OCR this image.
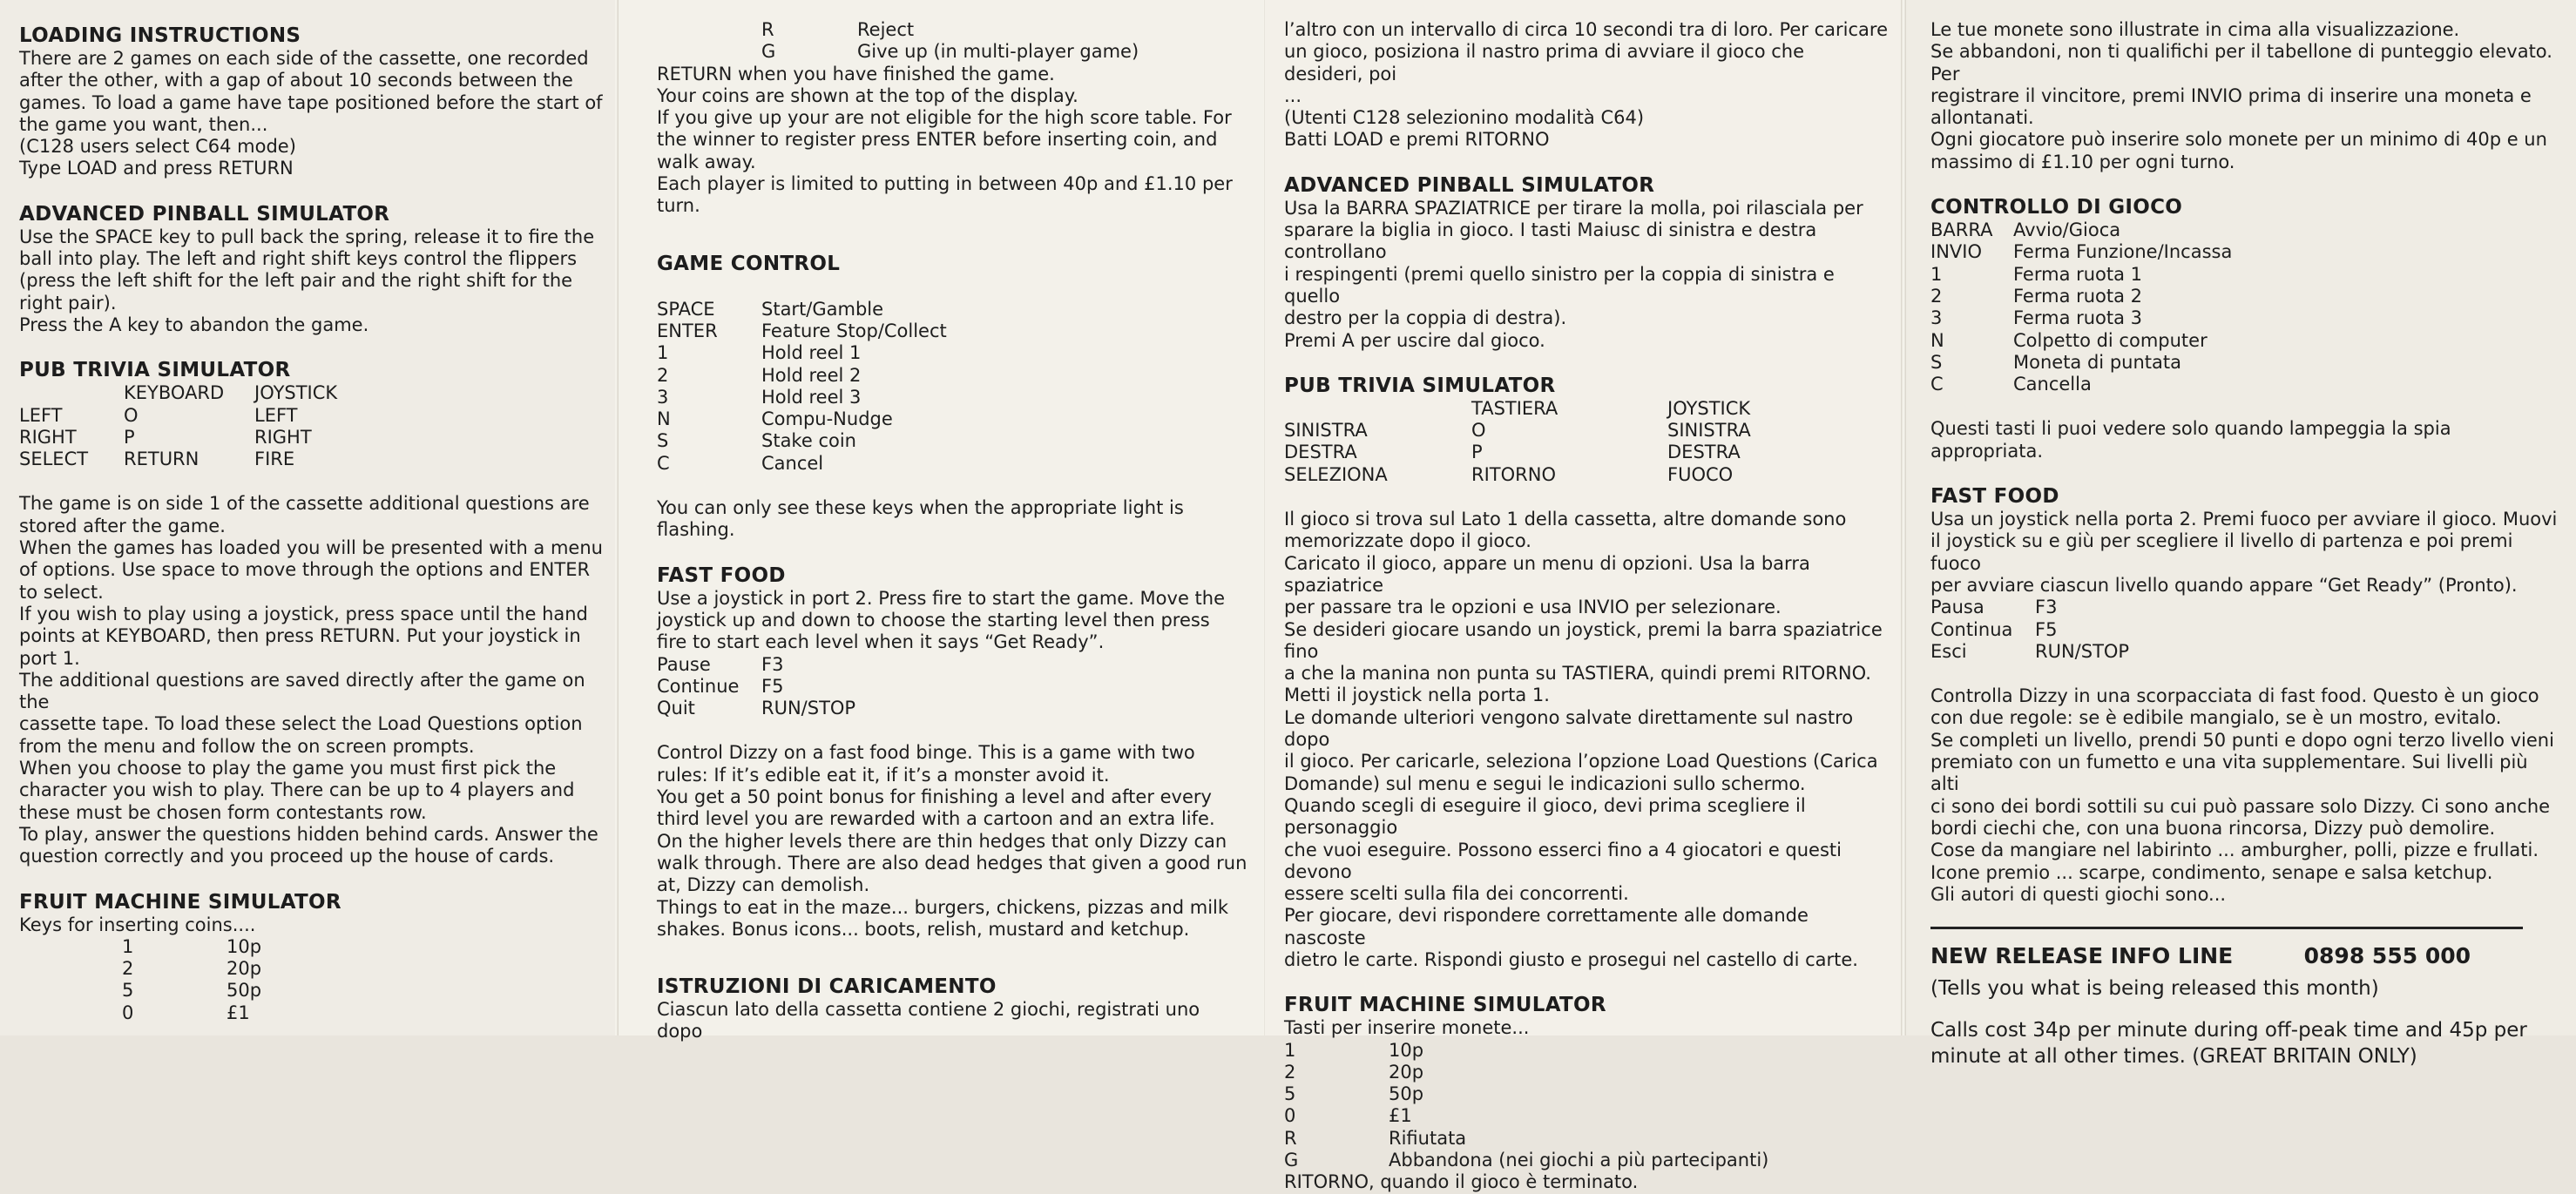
LOADING INSTRUCTIONS
There are 2 games on each side of the cassette, one recorded
after the other, with a gap of about 10 seconds between the
games. To load a game have tape positioned before the start of
the game you want, then...
(C128 users select C64 mode)
Type LOAD and press RETURN
ADVANCED PINBALL SIMULATOR
Use the SPACE key to pull back the spring, release it to fire the
ball into play. The left and right shift keys control the flippers
(press the left shift for the left pair and the right shift for the
right pair).
Press the A key to abandon the game.
PUB TRIVIA SIMULATOR
	KEYBOARD	JOYSTICK
LEFT	O	LEFT
RIGHT	P	RIGHT
SELECT	RETURN	FIRE
The game is on side 1 of the cassette additional questions are
stored after the game.
When the games has loaded you will be presented with a menu
of options. Use space to move through the options and ENTER
to select.
If you wish to play using a joystick, press space until the hand
points at KEYBOARD, then press RETURN. Put your joystick in
port 1.
The additional questions are saved directly after the game on the
cassette tape. To load these select the Load Questions option
from the menu and follow the on screen prompts.
When you choose to play the game you must first pick the
character you wish to play. There can be up to 4 players and
these must be chosen form contestants row.
To play, answer the questions hidden behind cards. Answer the
question correctly and you proceed up the house of cards.
FRUIT MACHINE SIMULATOR

Keys for inserting coins....

1	10p
2	20p
5	50p
0	£1
R	Reject
G	Give up (in multi-player game)
RETURN when you have finished the game.
Your coins are shown at the top of the display.
If you give up your are not eligible for the high score table. For
the winner to register press ENTER before inserting coin, and
walk away.
Each player is limited to putting in between 40p and £1.10 per
turn.
GAME CONTROL
SPACE	Start/Gamble
ENTER	Feature Stop/Collect
1	Hold reel 1
2	Hold reel 2
3	Hold reel 3
N	Compu-Nudge
S	Stake coin
C	Cancel
You can only see these keys when the appropriate light is
flashing.
FAST FOOD
Use a joystick in port 2. Press fire to start the game. Move the
joystick up and down to choose the starting level then press
fire to start each level when it says “Get Ready”.
Pause	F3
Continue	F5
Quit	RUN/STOP
Control Dizzy on a fast food binge. This is a game with two
rules: If it’s edible eat it, if it’s a monster avoid it.
You get a 50 point bonus for finishing a level and after every
third level you are rewarded with a cartoon and an extra life.
On the higher levels there are thin hedges that only Dizzy can
walk through. There are also dead hedges that given a good run
at, Dizzy can demolish.
Things to eat in the maze... burgers, chickens, pizzas and milk
shakes. Bonus icons... boots, relish, mustard and ketchup.
ISTRUZIONI DI CARICAMENTO
Ciascun lato della cassetta contiene 2 giochi, registrati uno dopo
l’altro con un intervallo di circa 10 secondi tra di loro. Per caricare
un gioco, posiziona il nastro prima di avviare il gioco che desideri, poi
...
(Utenti C128 selezionino modalità C64)
Batti LOAD e premi RITORNO
ADVANCED PINBALL SIMULATOR
Usa la BARRA SPAZIATRICE per tirare la molla, poi rilasciala per
sparare la biglia in gioco. I tasti Maiusc di sinistra e destra controllano
i respingenti (premi quello sinistro per la coppia di sinistra e quello
destro per la coppia di destra).
Premi A per uscire dal gioco.
PUB TRIVIA SIMULATOR
	TASTIERA	JOYSTICK
SINISTRA	O	SINISTRA
DESTRA	P	DESTRA
SELEZIONA	RITORNO	FUOCO
Il gioco si trova sul Lato 1 della cassetta, altre domande sono
memorizzate dopo il gioco.
Caricato il gioco, appare un menu di opzioni. Usa la barra spaziatrice
per passare tra le opzioni e usa INVIO per selezionare.
Se desideri giocare usando un joystick, premi la barra spaziatrice fino
a che la manina non punta su TASTIERA, quindi premi RITORNO.
Metti il joystick nella porta 1.
Le domande ulteriori vengono salvate direttamente sul nastro dopo
il gioco. Per caricarle, seleziona l’opzione Load Questions (Carica
Domande) sul menu e segui le indicazioni sullo schermo.
Quando scegli di eseguire il gioco, devi prima scegliere il personaggio
che vuoi eseguire. Possono esserci fino a 4 giocatori e questi devono
essere scelti sulla fila dei concorrenti.
Per giocare, devi rispondere correttamente alle domande nascoste
dietro le carte. Rispondi giusto e prosegui nel castello di carte.
FRUIT MACHINE SIMULATOR

Tasti per inserire monete...

1	10p
2	20p
5	50p
0	£1
R	Rifiutata
G	Abbandona (nei giochi a più partecipanti)

RITORNO, quando il gioco è terminato.

Le tue monete sono illustrate in cima alla visualizzazione.
Se abbandoni, non ti qualifichi per il tabellone di punteggio elevato. Per
registrare il vincitore, premi INVIO prima di inserire una moneta e
allontanati.
Ogni giocatore può inserire solo monete per un minimo di 40p e un
massimo di £1.10 per ogni turno.
CONTROLLO DI GIOCO
BARRA	Avvio/Gioca
INVIO	Ferma Funzione/Incassa
1	Ferma ruota 1
2	Ferma ruota 2
3	Ferma ruota 3
N	Colpetto di computer
S	Moneta di puntata
C	Cancella
Questi tasti li puoi vedere solo quando lampeggia la spia appropriata.
FAST FOOD
Usa un joystick nella porta 2. Premi fuoco per avviare il gioco. Muovi
il joystick su e giù per scegliere il livello di partenza e poi premi fuoco
per avviare ciascun livello quando appare “Get Ready” (Pronto).
Pausa	F3
Continua	F5
Esci	RUN/STOP
Controlla Dizzy in una scorpacciata di fast food. Questo è un gioco
con due regole: se è edibile mangialo, se è un mostro, evitalo.
Se completi un livello, prendi 50 punti e dopo ogni terzo livello vieni
premiato con un fumetto e una vita supplementare. Sui livelli più alti
ci sono dei bordi sottili su cui può passare solo Dizzy. Ci sono anche
bordi ciechi che, con una buona rincorsa, Dizzy può demolire.
Cose da mangiare nel labirinto ... amburgher, polli, pizze e frullati.
Icone premio ... scarpe, condimento, senape e salsa ketchup.
Gli autori di questi giochi sono...
NEW RELEASE INFO LINE	0898 555 000

(Tells you what is being released this month)

Calls cost 34p per minute during off-peak time and 45p per
minute at all other times. (GREAT BRITAIN ONLY)
